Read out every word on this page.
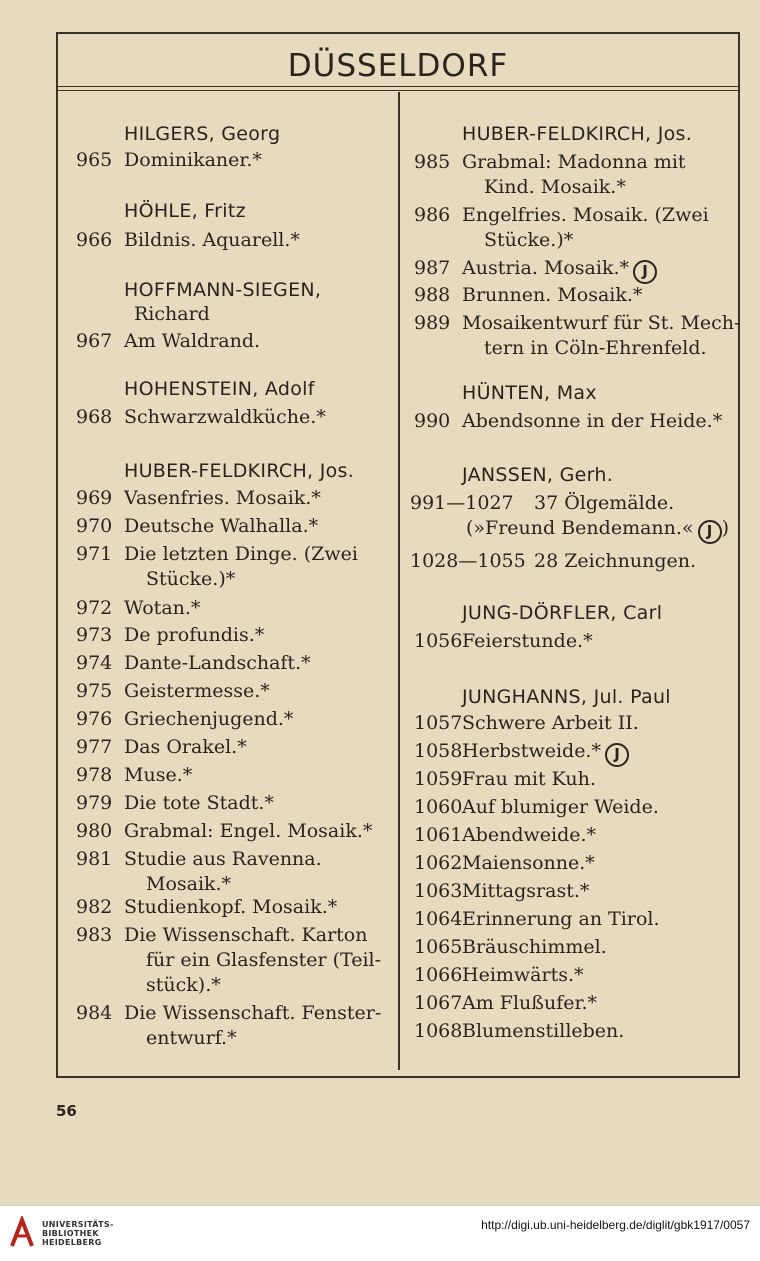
DÜSSELDORF
HILGERS, Georg
965 Dominikaner.*
HÖHLE, Fritz
966 Bildnis. Aquarell.*
HOFFMANN-SIEGEN,
Richard
967 Am Waldrand.
HOHENSTEIN, Adolf
968 Schwarzwaldküche.*
HUBER-FELDKIRCH, Jos.
969 Vasenfries. Mosaik.*
970 Deutsche Walhalla.*
971 Die letzten Dinge. (Zwei
Stücke.)*
972 Wotan.*
973 De profundis.*
974 Dante-Landschaft.*
975 Geistermesse.*
976 Griechenjugend.*
977 Das Orakel.*
978 Muse.*
979 Die tote Stadt.*
980 Grabmal: Engel. Mosaik.*
981 Studie aus Ravenna.
Mosaik.*
982 Studienkopf. Mosaik.*
983 Die Wissenschaft. Karton
für ein Glasfenster (Teil-
stück).*
984 Die Wissenschaft. Fenster-
entwurf.*
HUBER-FELDKIRCH, Jos.
985 Grabmal: Madonna mit
Kind. Mosaik.*
986 Engelfries. Mosaik. (Zwei
Stücke.)*
987 Austria. Mosaik.* J
988 Brunnen. Mosaik.*
989 Mosaikentwurf für St. Mech-
tern in Cöln-Ehrenfeld.
HÜNTEN, Max
990 Abendsonne in der Heide.*
JANSSEN, Gerh.
991—1027 37 Ölgemälde.
(»Freund Bendemann.« J )
1028—1055 28 Zeichnungen.
JUNG-DÖRFLER, Carl
1056 Feierstunde.*
JUNGHANNS, Jul. Paul
1057 Schwere Arbeit II.
1058 Herbstweide.* J
1059 Frau mit Kuh.
1060 Auf blumiger Weide.
1061 Abendweide.*
1062 Maiensonne.*
1063 Mittagsrast.*
1064 Erinnerung an Tirol.
1065 Bräuschimmel.
1066 Heimwärts.*
1067 Am Flußufer.*
1068 Blumenstilleben.
56
UNIVERSITÄTS-
BIBLIOTHEK
HEIDELBERG
http://digi.ub.uni-heidelberg.de/diglit/gbk1917/0057
